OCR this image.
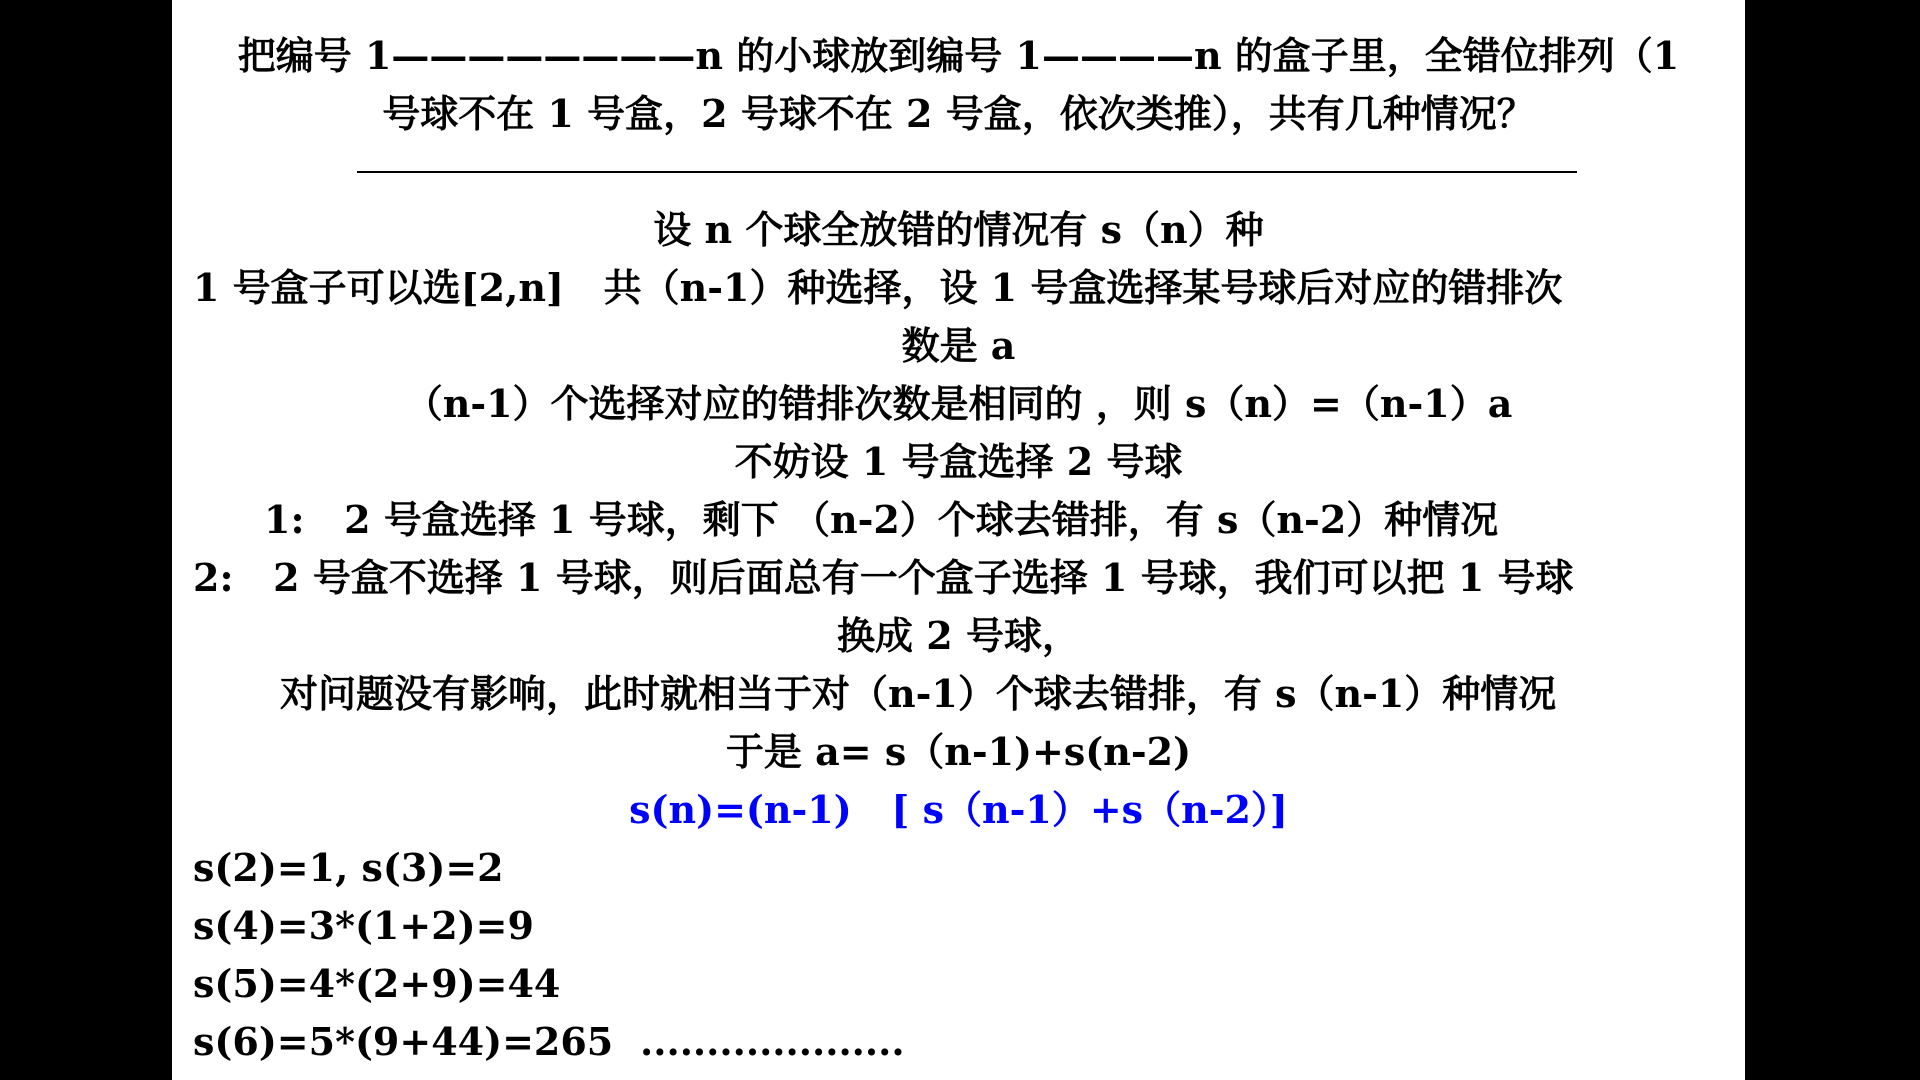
把编号 1————————n 的小球放到编号 1————n 的盒子里，全错位排列（1
号球不在 1 号盒，2 号球不在 2 号盒，依次类推），共有几种情况？
设 n 个球全放错的情况有 s（n）种
1 号盒子可以选[2,n]   共（n-1）种选择，设 1 号盒选择某号球后对应的错排次
数是 a
（n-1）个选择对应的错排次数是相同的 ，则 s（n）=（n-1）a
不妨设 1 号盒选择 2 号球
1:   2 号盒选择 1 号球，剩下 （n-2）个球去错排，有 s（n-2）种情况
2:   2 号盒不选择 1 号球，则后面总有一个盒子选择 1 号球，我们可以把 1 号球
换成 2 号球，
对问题没有影响，此时就相当于对（n-1）个球去错排，有 s（n-1）种情况
于是 a= s（n-1)+s(n-2)
s(n)=(n-1)   [ s（n-1）+s（n-2）]
s(2)=1, s(3)=2
s(4)=3*(1+2)=9
s(5)=4*(2+9)=44
s(6)=5*(9+44)=265 ....................
